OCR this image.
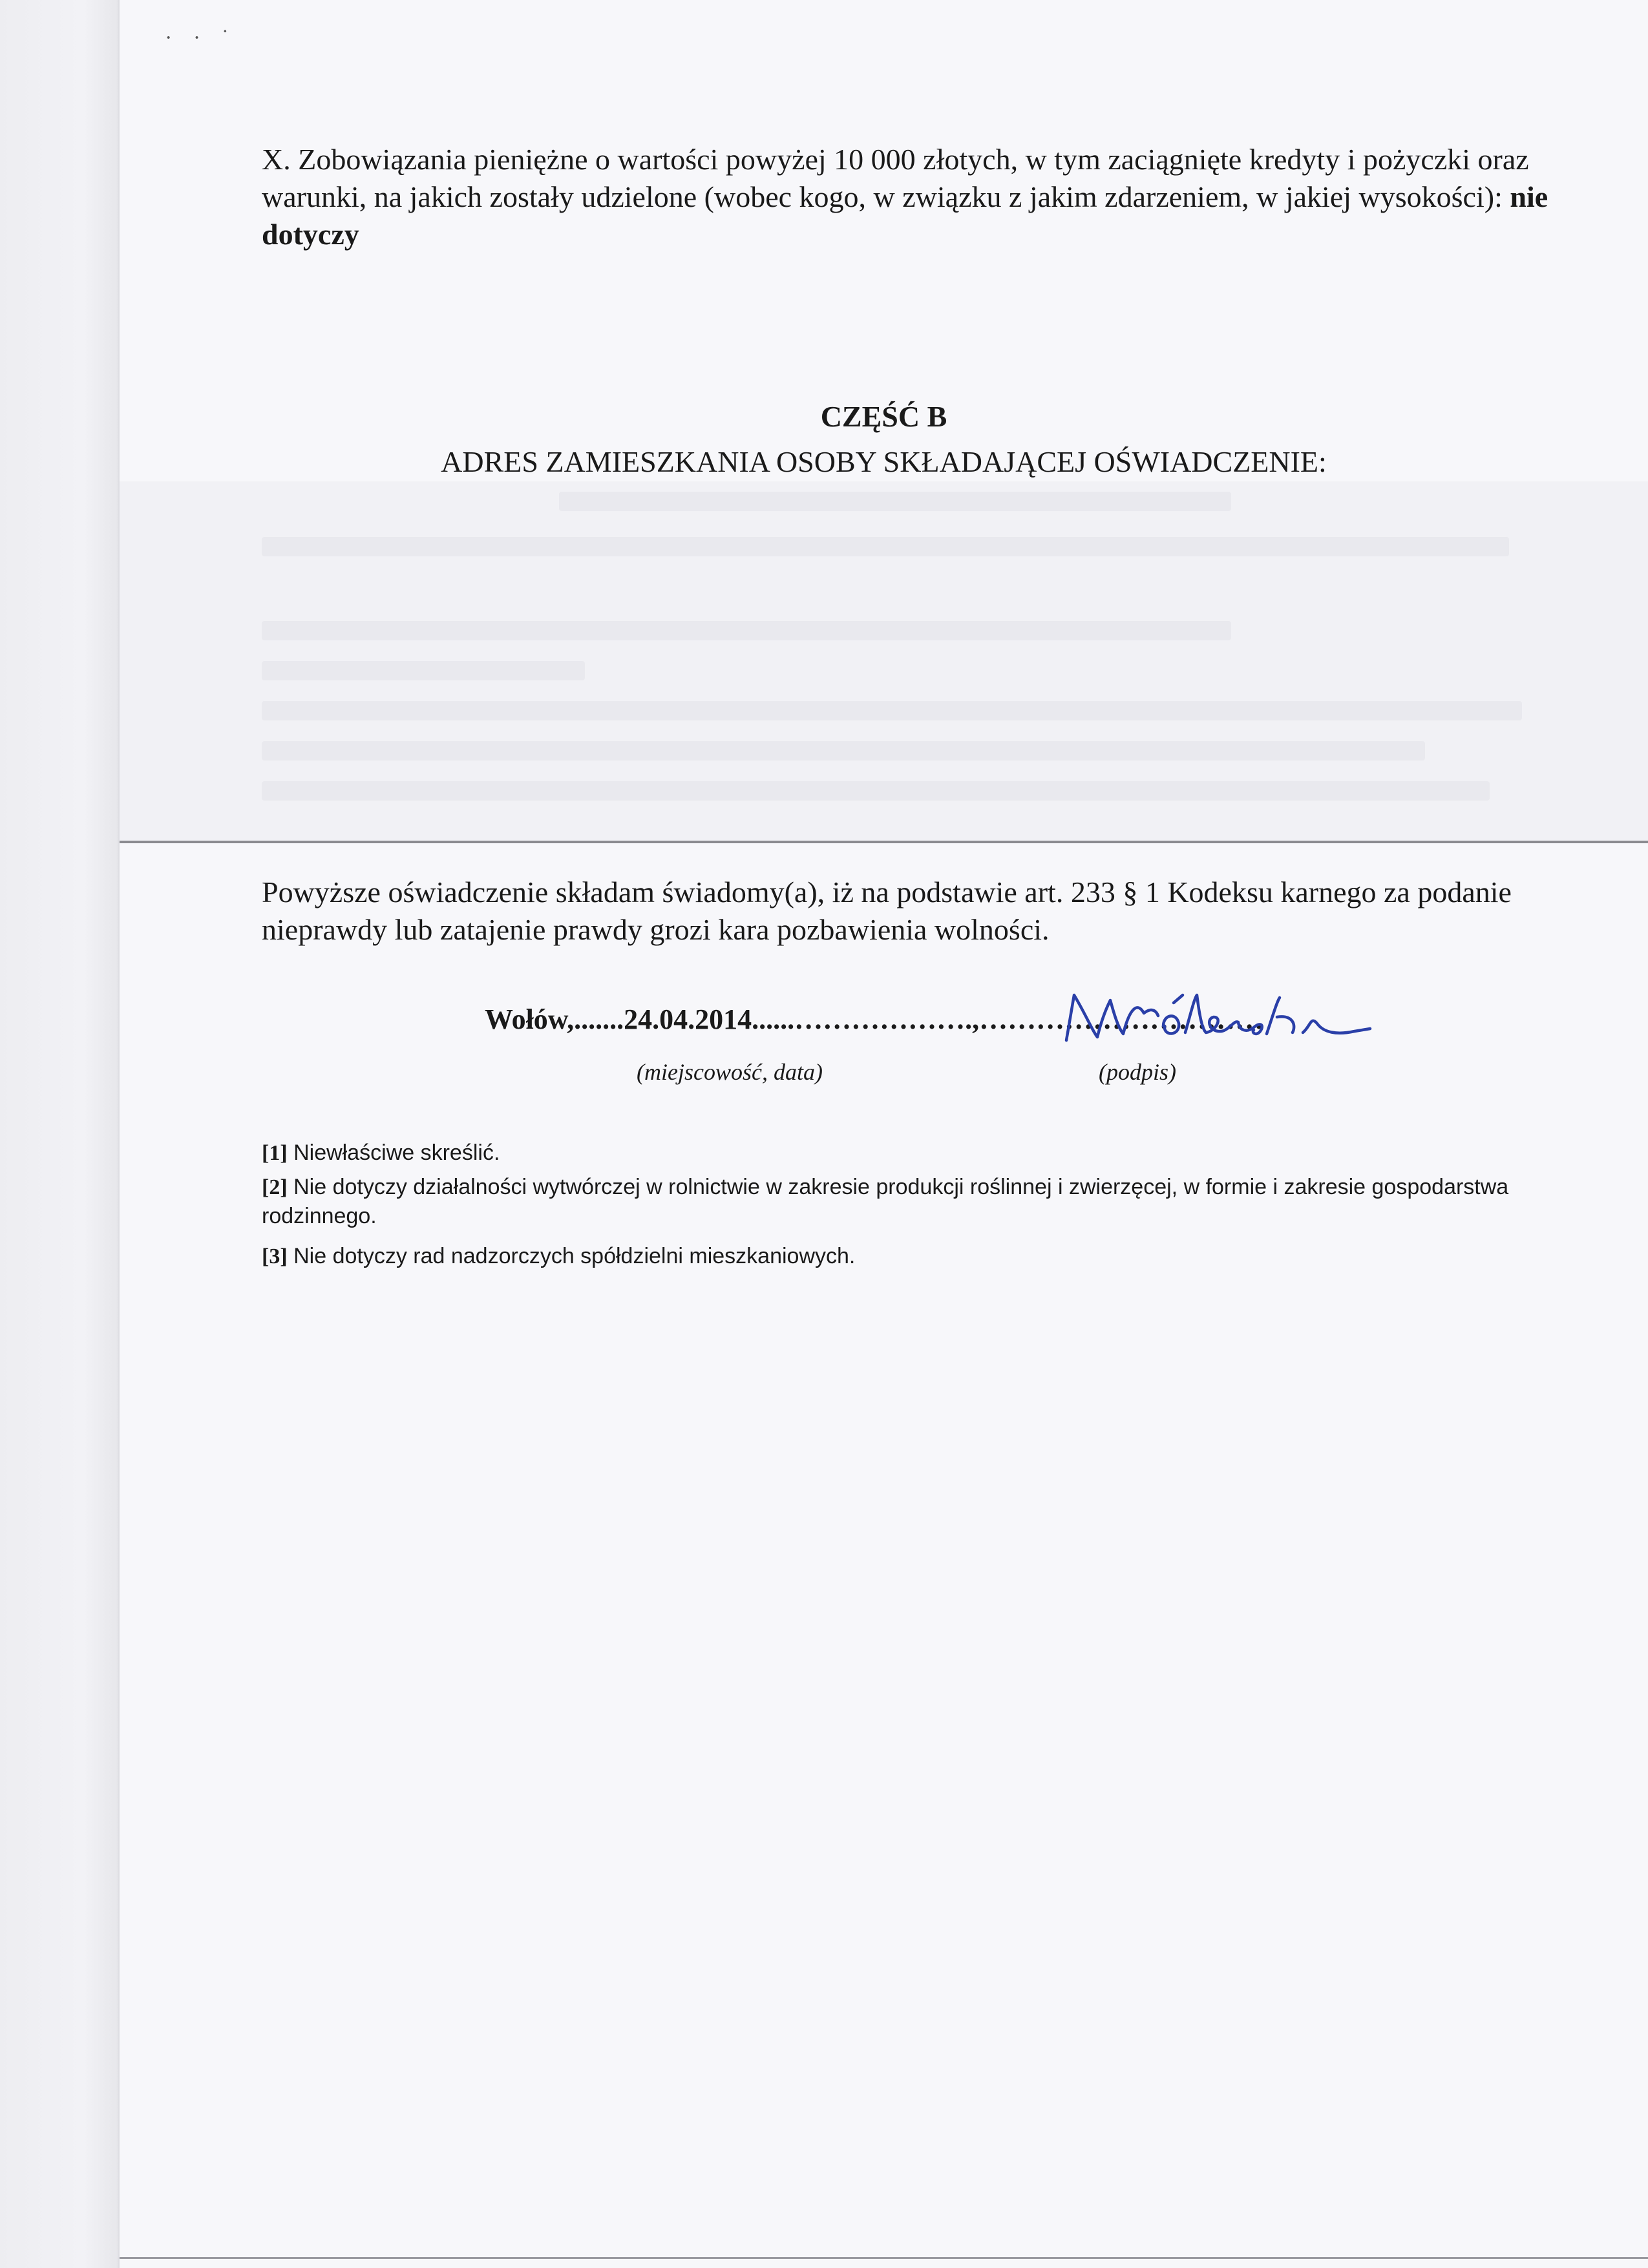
· · ˙

X. Zobowiązania pieniężne o wartości powyżej 10 000 złotych, w tym zaciągnięte kredyty i pożyczki oraz warunki, na jakich zostały udzielone (wobec kogo, w związku z jakim zdarzeniem, w jakiej wysokości): nie dotyczy

CZĘŚĆ B

ADRES ZAMIESZKANIA OSOBY SKŁADAJĄCEJ OŚWIADCZENIE:

Powyższe oświadczenie składam świadomy(a), iż na podstawie art. 233 § 1 Kodeksu karnego za podanie nieprawdy lub zatajenie prawdy grozi kara pozbawienia wolności.

Wołów,.......24.04.2014......……………….,…………………………
(miejscowość, data)	(podpis)
[1] Niewłaściwe skreślić.
[2] Nie dotyczy działalności wytwórczej w rolnictwie w zakresie produkcji roślinnej i zwierzęcej, w formie i zakresie gospodarstwa rodzinnego.
[3] Nie dotyczy rad nadzorczych spółdzielni mieszkaniowych.
